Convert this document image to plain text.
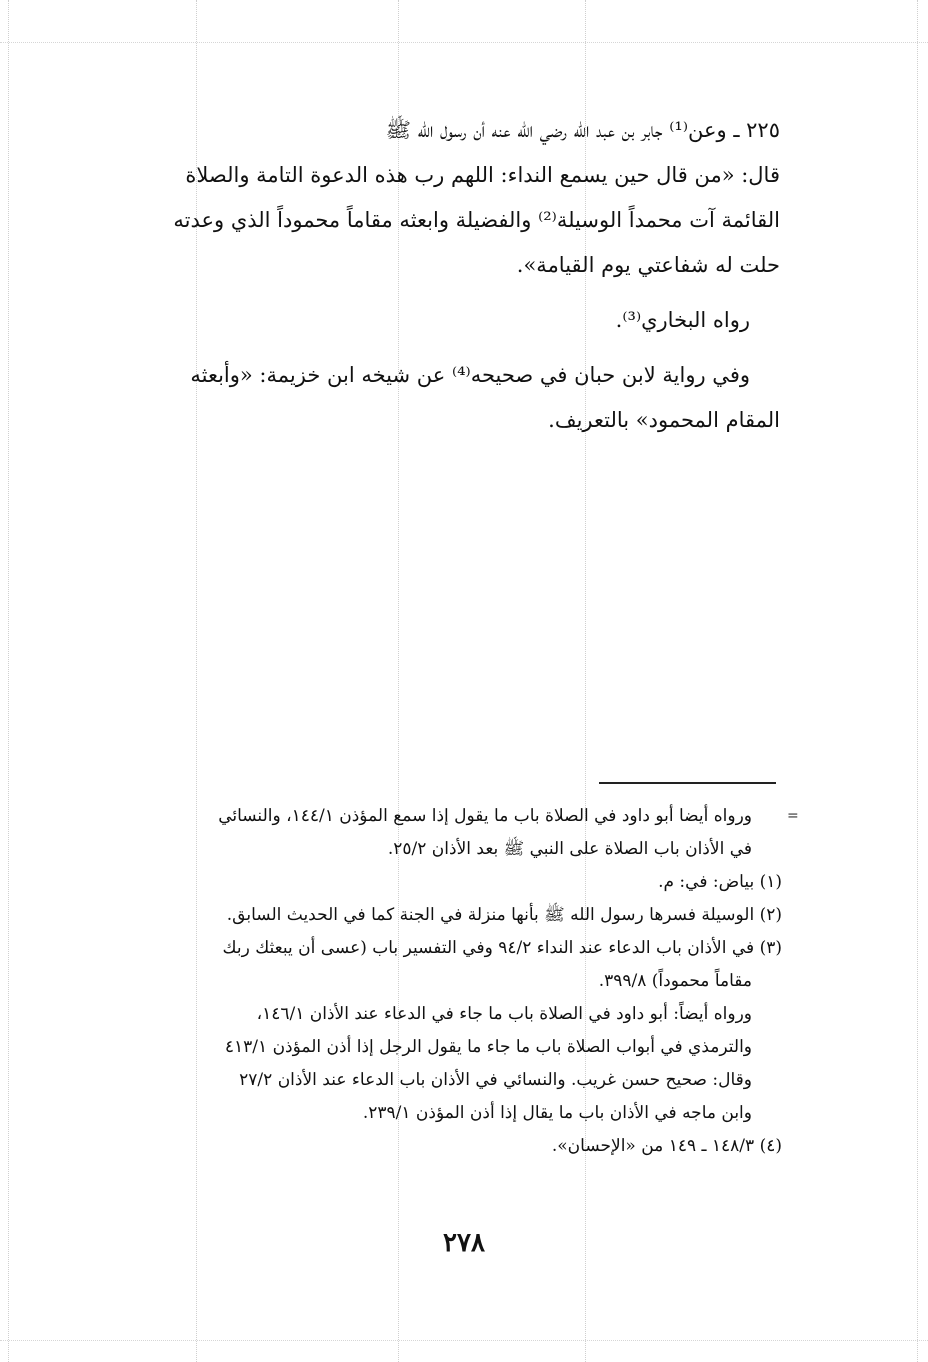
٢٢٥ ـ وعن⁽¹⁾ جابر بن عبد الله رضي الله عنه أن رسول الله ﷺ

قال: «من قال حين يسمع النداء: اللهم رب هذه الدعوة التامة والصلاة

القائمة آت محمداً الوسيلة⁽²⁾ والفضيلة وابعثه مقاماً محموداً الذي وعدته

حلت له شفاعتي يوم القيامة».

رواه البخاري⁽³⁾.

وفي رواية لابن حبان في صحيحه⁽⁴⁾ عن شيخه ابن خزيمة: «وأبعثه

المقام المحمود» بالتعريف.

=

ورواه أيضا أبو داود في الصلاة باب ما يقول إذا سمع المؤذن ١٤٤/١، والنسائي

في الأذان باب الصلاة على النبي ﷺ بعد الأذان ٢٥/٢.

(١) بياض: في: م.

(٢) الوسيلة فسرها رسول الله ﷺ بأنها منزلة في الجنة كما في الحديث السابق.

(٣) في الأذان باب الدعاء عند النداء ٩٤/٢ وفي التفسير باب (عسى أن يبعثك ربك

مقاماً محموداً) ٣٩٩/٨.

ورواه أيضاً: أبو داود في الصلاة باب ما جاء في الدعاء عند الأذان ١٤٦/١،

والترمذي في أبواب الصلاة باب ما جاء ما يقول الرجل إذا أذن المؤذن ٤١٣/١

وقال: صحيح حسن غريب. والنسائي في الأذان باب الدعاء عند الأذان ٢٧/٢

وابن ماجه في الأذان باب ما يقال إذا أذن المؤذن ٢٣٩/١.

(٤) ١٤٨/٣ ـ ١٤٩ من «الإحسان».

٢٧٨
